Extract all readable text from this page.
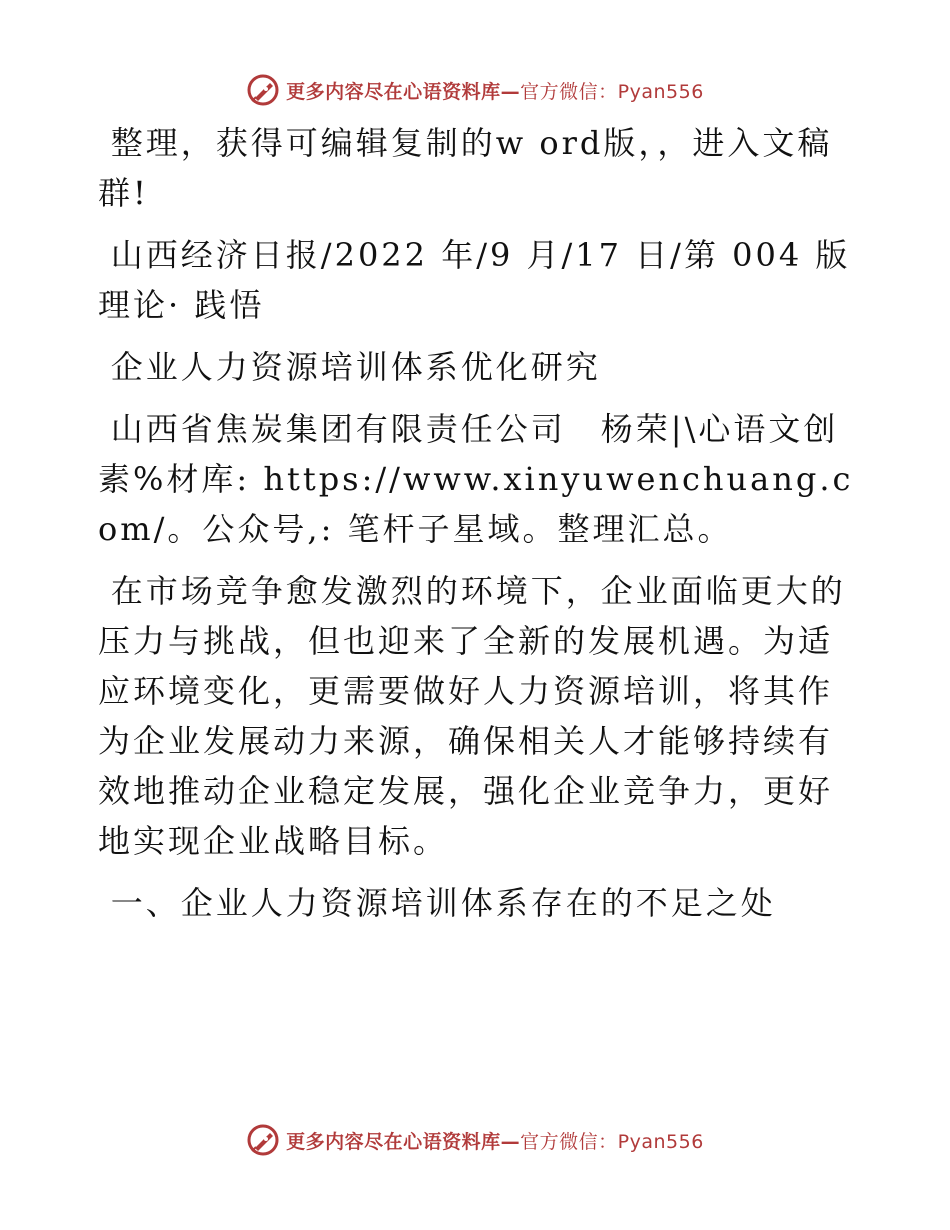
更多内容尽在心语资料库—官方微信：Pyan556

整理，获得可编辑复制的w ord版，，进入文稿群!

山西经济日报/2022 年/9 月/17 日/第 004 版理论· 践悟

企业人力资源培训体系优化研究

山西省焦炭集团有限责任公司　杨荣|\心语文创素%材库: https://www.xinyuwenchuang.com/。公众号,: 笔杆子星域。整理汇总。

在市场竞争愈发激烈的环境下，企业面临更大的压力与挑战，但也迎来了全新的发展机遇。为适应环境变化，更需要做好人力资源培训，将其作为企业发展动力来源，确保相关人才能够持续有效地推动企业稳定发展，强化企业竞争力，更好地实现企业战略目标。

一、企业人力资源培训体系存在的不足之处

更多内容尽在心语资料库—官方微信：Pyan556
